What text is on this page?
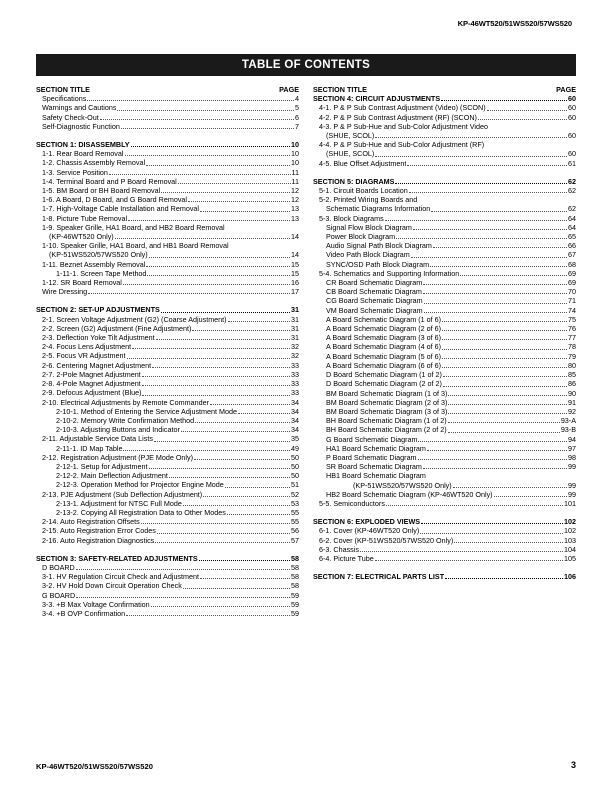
KP-46WT520/51WS520/57WS520
TABLE OF CONTENTS
SECTION TITLE	PAGE
Specifications	4
Warnings and Cautions	5
Safety Check-Out	6
Self-Diagnostic Function	7
SECTION 1: DISASSEMBLY	10
1-1. Rear Board Removal	10
1-2. Chassis Assembly Removal	10
1-3. Service Position	11
1-4. Terminal Board and P Board Removal	11
1-5. BM Board or BH Board Removal	12
1-6. A Board, D Board, and G Board Removal	12
1-7. High-Voltage Cable Installation and Removal	13
1-8. Picture Tube Removal	13
1-9. Speaker Grille, HA1 Board, and HB2 Board Removal
(KP-46WT520 Only)	14
1-10. Speaker Grille, HA1 Board, and HB1 Board Removal
(KP-51WS520/57WS520 Only)	14
1-11. Beznet Assembly Removal	15
1-11-1. Screen Tape Method	15
1-12. SR Board Removal	16
Wire Dressing	17
SECTION 2: SET-UP ADJUSTMENTS	31
2-1. Screen Voltage Adjustment (G2) (Coarse Adjustment)	31
2-2. Screen (G2) Adjustment (Fine Adjustment)	31
2-3. Deflection Yoke Tilt Adjustment	31
2-4. Focus Lens Adjustment	32
2-5. Focus VR Adjustment	32
2-6. Centering Magnet Adjustment	33
2-7. 2-Pole Magnet Adjustment	33
2-8. 4-Pole Magnet Adjustment	33
2-9. Defocus Adjustment (Blue)	33
2-10. Electrical Adjustments by Remote Commander	34
2-10-1. Method of Entering the Service Adjustment Mode	34
2-10-2. Memory Write Confirmation Method	34
2-10-3. Adjusting Buttons and Indicator	34
2-11. Adjustable Service Data Lists	35
2-11-1. ID Map Table	49
2-12. Registration Adjustment (PJE Mode Only)	50
2-12-1. Setup for Adjustment	50
2-12-2. Main Deflection Adjustment	50
2-12-3. Operation Method for Projector Engine Mode	51
2-13. PJE Adjustment (Sub Deflection Adjustment)	52
2-13-1. Adjustment for NTSC Full Mode	53
2-13-2. Copying All Registration Data to Other Modes	55
2-14. Auto Registration Offsets	55
2-15. Auto Registration Error Codes	56
2-16. Auto Registration Diagnostics	57
SECTION 3: SAFETY-RELATED ADJUSTMENTS	58
D BOARD	58
3-1. HV Regulation Circuit Check and Adjustment	58
3-2. HV Hold Down Circuit Operation Check	58
G BOARD	59
3-3. +B Max Voltage Confirmation	59
3-4. +B OVP Confirmation	59
SECTION TITLE	PAGE
SECTION 4: CIRCUIT ADJUSTMENTS	60
4-1. P & P Sub Contrast Adjustment (Video) (SCON)	60
4-2. P & P Sub Contrast Adjustment (RF) (SCON)	60
4-3. P & P Sub-Hue and Sub-Color Adjustment Video
(SHUE, SCOL)	60
4-4. P & P Sub-Hue and Sub-Color Adjustment (RF)
(SHUE, SCOL)	60
4-5. Blue Offset Adjustment	61
SECTION 5: DIAGRAMS	62
5-1. Circuit Boards Location	62
5-2. Printed Wiring Boards and
Schematic Diagrams Information	62
5-3. Block Diagrams	64
Signal Flow Block Diagram	64
Power Block Diagram	65
Audio Signal Path Block Diagram	66
Video Path Block Diagram	67
SYNC/OSD Path Block Diagram	68
5-4. Schematics and Supporting Information	69
CR Board Schematic Diagram	69
CB Board Schematic Diagram	70
CG Board Schematic Diagram	71
VM Board Schematic Diagram	74
A Board Schematic Diagram (1 of 6)	75
A Board Schematic Diagram (2 of 6)	76
A Board Schematic Diagram (3 of 6)	77
A Board Schematic Diagram (4 of 6)	78
A Board Schematic Diagram (5 of 6)	79
A Board Schematic Diagram (6 of 6)	80
D Board Schematic Diagram (1 of 2)	85
D Board Schematic Diagram (2 of 2)	86
BM Board Schematic Diagram (1 of 3)	90
BM Board Schematic Diagram (2 of 3)	91
BM Board Schematic Diagram (3 of 3)	92
BH Board Schematic Diagram (1 of 2)	93-A
BH Board Schematic Diagram (2 of 2)	93-B
G Board Schematic Diagram	94
HA1 Board Schematic Diagram	97
P Board Schematic Diagram	98
SR Board Schematic Diagram	99
HB1 Board Schematic Diagram
(KP-51WS520/57WS520 Only)	99
HB2 Board Schematic Diagram (KP-46WT520 Only)	99
5-5. Semiconductors	101
SECTION 6: EXPLODED VIEWS	102
6-1. Cover (KP-46WT520 Only)	102
6-2. Cover (KP-51WS520/57WS520 Only)	103
6-3. Chassis	104
6-4. Picture Tube	105
SECTION 7: ELECTRICAL PARTS LIST	106
KP-46WT520/51WS520/57WS520	3
